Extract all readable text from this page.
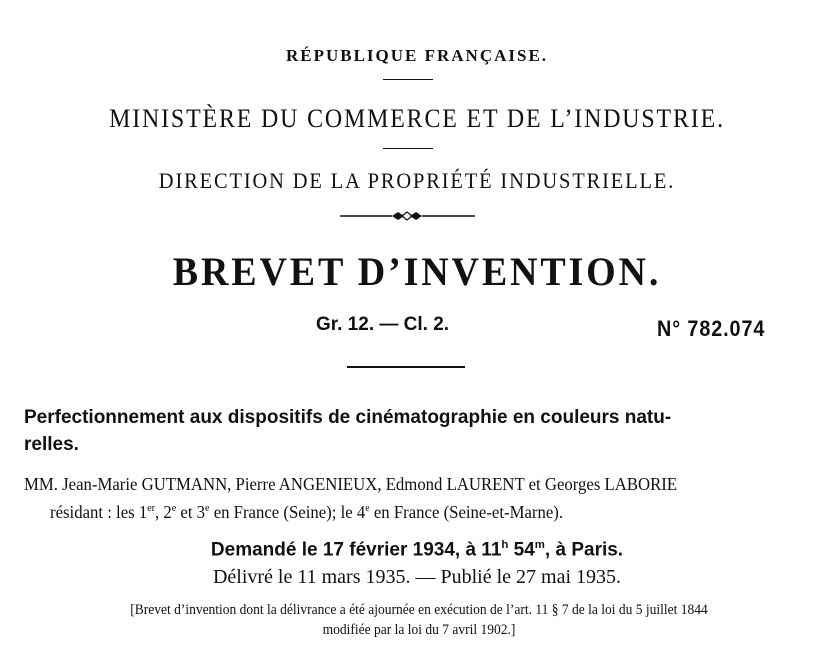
RÉPUBLIQUE FRANÇAISE.
MINISTÈRE DU COMMERCE ET DE L’INDUSTRIE.
DIRECTION DE LA PROPRIÉTÉ INDUSTRIELLE.
BREVET D’INVENTION.
Gr. 12. — Cl. 2.	N° 782.074
Perfectionnement aux dispositifs de cinématographie en couleurs natu-
relles.
MM. Jean-Marie GUTMANN, Pierre ANGENIEUX, Edmond LAURENT et Georges LABORIE
résidant : les 1er, 2e et 3e en France (Seine); le 4e en France (Seine-et-Marne).
Demandé le 17 février 1934, à 11$^h$ 54$^m$, à Paris.
Délivré le 11 mars 1935. — Publié le 27 mai 1935.
[Brevet d’invention dont la délivrance a été ajournée en exécution de l’art. 11 § 7 de la loi du 5 juillet 1844
modifiée par la loi du 7 avril 1902.]
